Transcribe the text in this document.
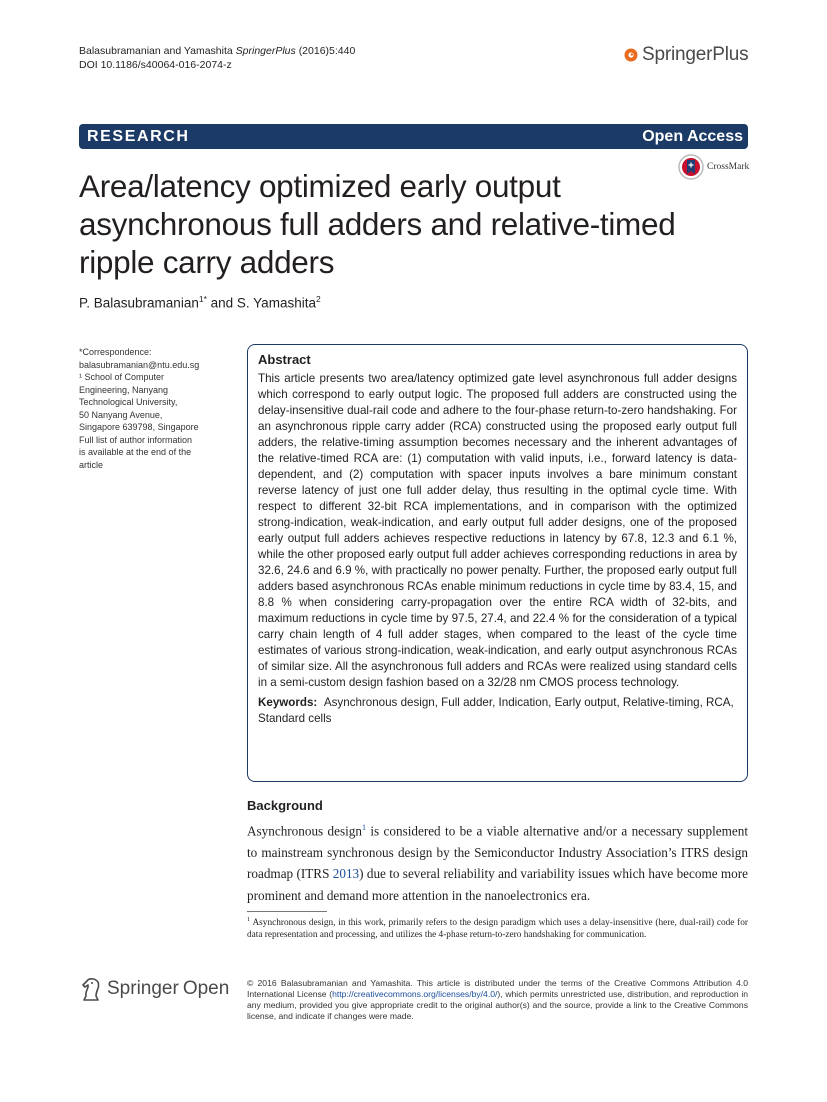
Balasubramanian and Yamashita SpringerPlus (2016)5:440
DOI 10.1186/s40064-016-2074-z	SpringerPlus
RESEARCH	Open Access
CrossMark
Area/latency optimized early output asynchronous full adders and relative-timed ripple carry adders
P. Balasubramanian$^{1*}$ and S. Yamashita$^2$
*Correspondence:
balasubramanian@ntu.edu.sg
¹ School of Computer
Engineering, Nanyang
Technological University,
50 Nanyang Avenue,
Singapore 639798, Singapore
Full list of author information
is available at the end of the
article
Abstract

This article presents two area/latency optimized gate level asynchronous full adder designs which correspond to early output logic. The proposed full adders are constructed using the delay-insensitive dual-rail code and adhere to the four-phase return-to-zero handshaking. For an asynchronous ripple carry adder (RCA) constructed using the proposed early output full adders, the relative-timing assumption becomes necessary and the inherent advantages of the relative-timed RCA are: (1) computation with valid inputs, i.e., forward latency is data-dependent, and (2) computation with spacer inputs involves a bare minimum constant reverse latency of just one full adder delay, thus resulting in the optimal cycle time. With respect to different 32-bit RCA implementations, and in comparison with the optimized strong-indication, weak-indication, and early output full adder designs, one of the proposed early output full adders achieves respective reductions in latency by 67.8, 12.3 and 6.1 %, while the other proposed early output full adder achieves corresponding reductions in area by 32.6, 24.6 and 6.9 %, with practically no power penalty. Further, the proposed early output full adders based asynchronous RCAs enable minimum reductions in cycle time by 83.4, 15, and 8.8 % when considering carry-propagation over the entire RCA width of 32-bits, and maximum reductions in cycle time by 97.5, 27.4, and 22.4 % for the consideration of a typical carry chain length of 4 full adder stages, when compared to the least of the cycle time estimates of various strong-indication, weak-indication, and early output asynchronous RCAs of similar size. All the asynchronous full adders and RCAs were realized using standard cells in a semi-custom design fashion based on a 32/28 nm CMOS process technology.

Keywords: Asynchronous design, Full adder, Indication, Early output, Relative-timing, RCA, Standard cells
Background

Asynchronous design$^1$ is considered to be a viable alternative and/or a necessary supplement to mainstream synchronous design by the Semiconductor Industry Association’s ITRS design roadmap (ITRS 2013) due to several reliability and variability issues which have become more prominent and demand more attention in the nanoelectronics era.

$^1$ Asynchronous design, in this work, primarily refers to the design paradigm which uses a delay-insensitive (here, dual-rail) code for data representation and processing, and utilizes the 4-phase return-to-zero handshaking for communication.

Springer Open © 2016 Balasubramanian and Yamashita. This article is distributed under the terms of the Creative Commons Attribution 4.0 International License (http://creativecommons.org/licenses/by/4.0/), which permits unrestricted use, distribution, and reproduction in any medium, provided you give appropriate credit to the original author(s) and the source, provide a link to the Creative Commons license, and indicate if changes were made.
